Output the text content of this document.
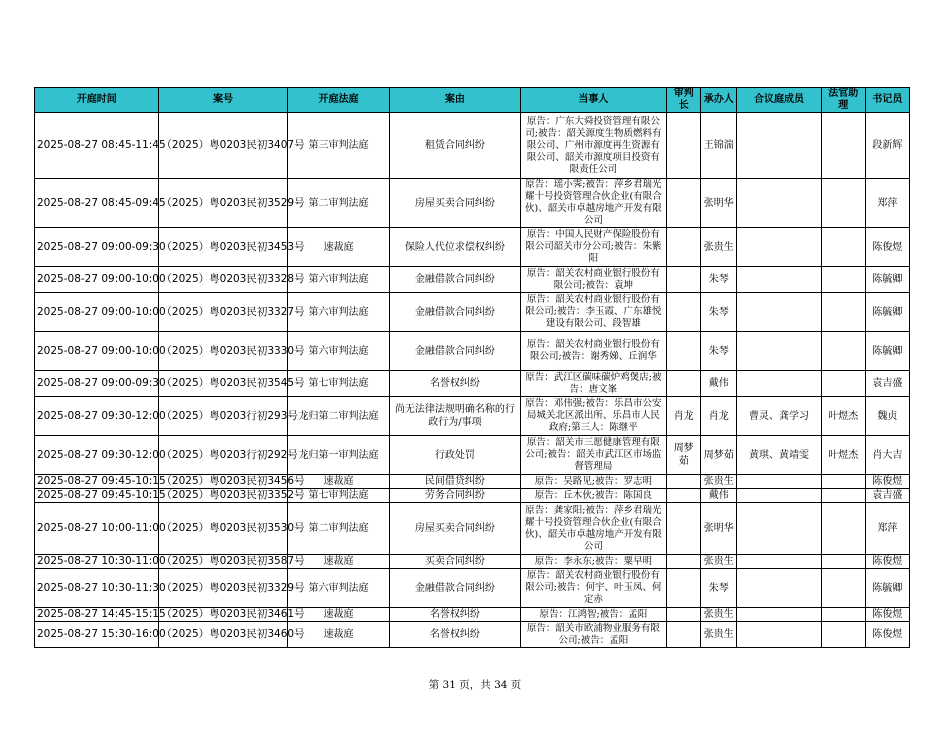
开庭时间	案号	开庭法庭	案由	当事人	审判长	承办人	合议庭成员	法官助理	书记员
2025-08-27 08:45-11:45	（2025）粤0203民初3407号	第三审判法庭	租赁合同纠纷	原告：广东大舜投资管理有限公司;被告：韶关源度生物质燃料有限公司、广州市源度再生资源有限公司、韶关市源度项目投资有限责任公司		王锦湍			段新辉
2025-08-27 08:45-09:45	（2025）粤0203民初3529号	第二审判法庭	房屋买卖合同纠纷	原告：瑶小霁;被告：萍乡君瑞光耀十号投资管理合伙企业(有限合伙)、韶关市卓越房地产开发有限公司		张明华			郑萍
2025-08-27 09:00-09:30	（2025）粤0203民初3453号	速裁庭	保险人代位求偿权纠纷	原告：中国人民财产保险股份有限公司韶关市分公司;被告：朱紫阳		张贵生			陈俊煜
2025-08-27 09:00-10:00	（2025）粤0203民初3328号	第六审判法庭	金融借款合同纠纷	原告：韶关农村商业银行股份有限公司;被告：袁坤		朱琴			陈毓卿
2025-08-27 09:00-10:00	（2025）粤0203民初3327号	第六审判法庭	金融借款合同纠纷	原告：韶关农村商业银行股份有限公司;被告：李玉霞、广东雄悦建设有限公司、段智雄		朱琴			陈毓卿
2025-08-27 09:00-10:00	（2025）粤0203民初3330号	第六审判法庭	金融借款合同纠纷	原告：韶关农村商业银行股份有限公司;被告：谢秀娣、丘润华		朱琴			陈毓卿
2025-08-27 09:00-09:30	（2025）粤0203民初3545号	第七审判法庭	名誉权纠纷	原告：武江区碳味碳炉鸡煲店;被告：唐文峯		戴伟			袁吉盛
2025-08-27 09:30-12:00	（2025）粤0203行初293号	龙归第二审判法庭	尚无法律法规明确名称的行政行为/事项	原告：邓伟强;被告：乐昌市公安局城关北区派出所、乐昌市人民政府;第三人：陈继平	肖龙	肖龙	曹灵、龚学习	叶煜杰	魏贞
2025-08-27 09:30-12:00	（2025）粤0203行初292号	龙归第一审判法庭	行政处罚	原告：韶关市三愿健康管理有限公司;被告：韶关市武江区市场监督管理局	周梦茹	周梦茹	黄琪、黄靖雯	叶煜杰	肖大吉
2025-08-27 09:45-10:15	（2025）粤0203民初3456号	速裁庭	民间借贷纠纷	原告：吴路见;被告：罗志明		张贵生			陈俊煜
2025-08-27 09:45-10:15	（2025）粤0203民初3352号	第七审判法庭	劳务合同纠纷	原告：丘木伙;被告：陈国良		戴伟			袁吉盛
2025-08-27 10:00-11:00	（2025）粤0203民初3530号	第二审判法庭	房屋买卖合同纠纷	原告：龚家阳;被告：萍乡君瑞光耀十号投资管理合伙企业(有限合伙)、韶关市卓越房地产开发有限公司		张明华			郑萍
2025-08-27 10:30-11:00	（2025）粤0203民初3587号	速裁庭	买卖合同纠纷	原告：李永东;被告：粟早明		张贵生			陈俊煜
2025-08-27 10:30-11:30	（2025）粤0203民初3329号	第六审判法庭	金融借款合同纠纷	原告：韶关农村商业银行股份有限公司;被告：何宇、叶玉凤、何定赤		朱琴			陈毓卿
2025-08-27 14:45-15:15	（2025）粤0203民初3461号	速裁庭	名誉权纠纷	原告：江鸿智;被告：孟阳		张贵生			陈俊煜
2025-08-27 15:30-16:00	（2025）粤0203民初3460号	速裁庭	名誉权纠纷	原告：韶关市欧浦物业服务有限公司;被告：孟阳		张贵生			陈俊煜
第 31 页，共 34 页
